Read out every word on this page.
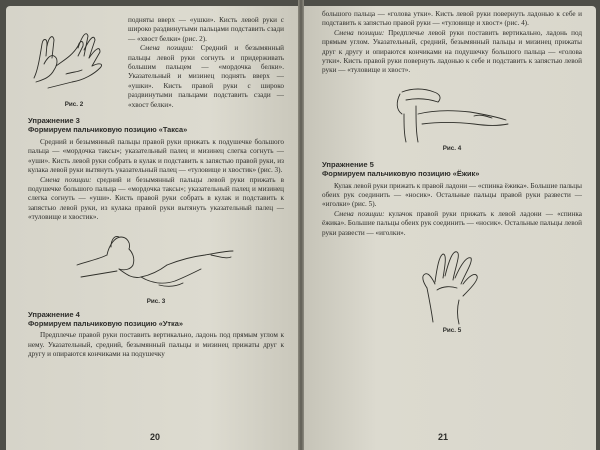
Рис. 2

подняты вверх — «ушки». Кисть левой руки с широко раздвинутыми пальцами подставить сзади — «хвост белки» (рис. 2).

Смена позиции: Средний и безымянный пальцы левой руки согнуть и придерживать большим пальцем — «мордочка белки». Указательный и мизинец поднять вверх — «ушки». Кисть правой руки с широко раздвинутыми пальцами подставить сзади — «хвост белки».

Упражнение 3
Формируем пальчиковую позицию «Такса»

Средний и безымянный пальцы правой руки прижать к подушечке большого пальца — «мордочка таксы»; указательный палец и мизинец слегка согнуть — «уши». Кисть левой руки собрать в кулак и подставить к запястью правой руки, из кулака левой руки вытянуть указательный палец — «туловище и хвостик» (рис. 3).

Смена позиции: средний и безымянный пальцы левой руки прижать в подушечке большого пальца — «мордочка таксы»; указательный палец и мизинец слегка согнуть — «уши». Кисть правой руки собрать в кулак и подставить к запястью левой руки, из кулака правой руки вытянуть указательный палец — «туловище и хвостик».

Рис. 3
Упражнение 4
Формируем пальчиковую позицию «Утка»

Предплечье правой руки поставить вертикально, ладонь под прямым углом к нему. Указательный, средний, безымянный пальцы и мизинец прижаты друг к другу и опираются кончиками на подушечку

20

большого пальца — «голова утки». Кисть левой руки повернуть ладонью к себе и подставить к запястью правой руки — «туловище и хвост» (рис. 4).

Смена позиции: Предплечье левой руки поставить вертикально, ладонь под прямым углом. Указательный, средний, безымянный пальцы и мизинец прижаты друг к другу и опираются кончиками на подушечку большого пальца — «голова утки». Кисть правой руки повернуть ладонью к себе и подставить к запястью левой руки — «туловище и хвост».

Рис. 4
Упражнение 5
Формируем пальчиковую позицию «Ёжик»

Кулак левой руки прижать к правой ладони — «спинка ёжика». Большие пальцы обеих рук соединить — «носик». Остальные пальцы правой руки развести — «иголки» (рис. 5).

Смена позиции: кулачок правой руки прижать к левой ладони — «спинка ёжика». Большие пальцы обеих рук соединить — «носик». Остальные пальцы левой руки развести — «иголки».

Рис. 5
21
